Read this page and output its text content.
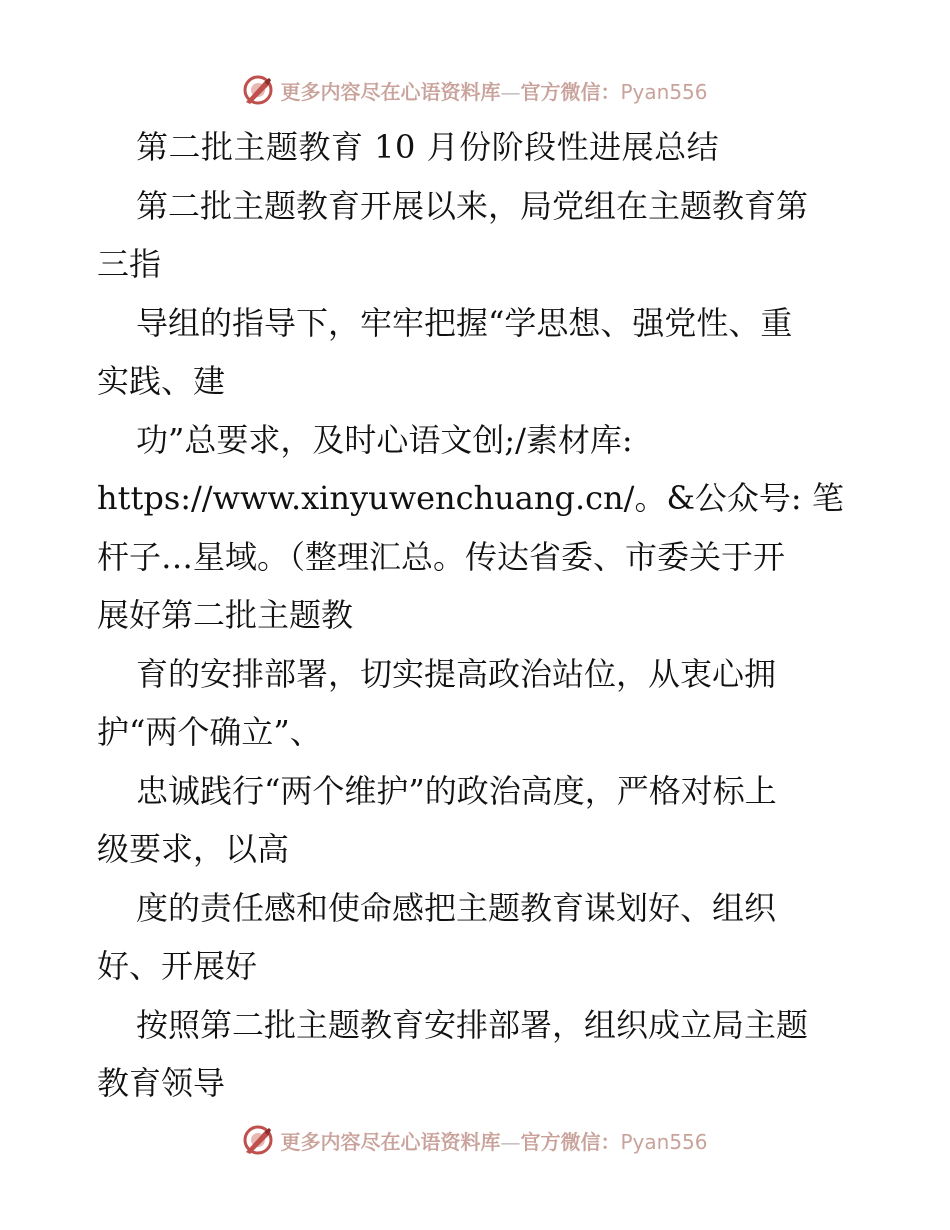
更多内容尽在心语资料库—官方微信：Pyan556
第二批主题教育 10 月份阶段性进展总结
第二批主题教育开展以来，局党组在主题教育第
三指
导组的指导下，牢牢把握“学思想、强党性、重
实践、建
功”总要求，及时心语文创;/素材库:
https://www.xinyuwenchuang.cn/。&公众号: 笔
杆子…星域。（整理汇总。传达省委、市委关于开
展好第二批主题教
育的安排部署，切实提高政治站位，从衷心拥
护“两个确立”、
忠诚践行“两个维护”的政治高度，严格对标上
级要求，以高
度的责任感和使命感把主题教育谋划好、组织
好、开展好
按照第二批主题教育安排部署，组织成立局主题
教育领导
更多内容尽在心语资料库—官方微信：Pyan556
